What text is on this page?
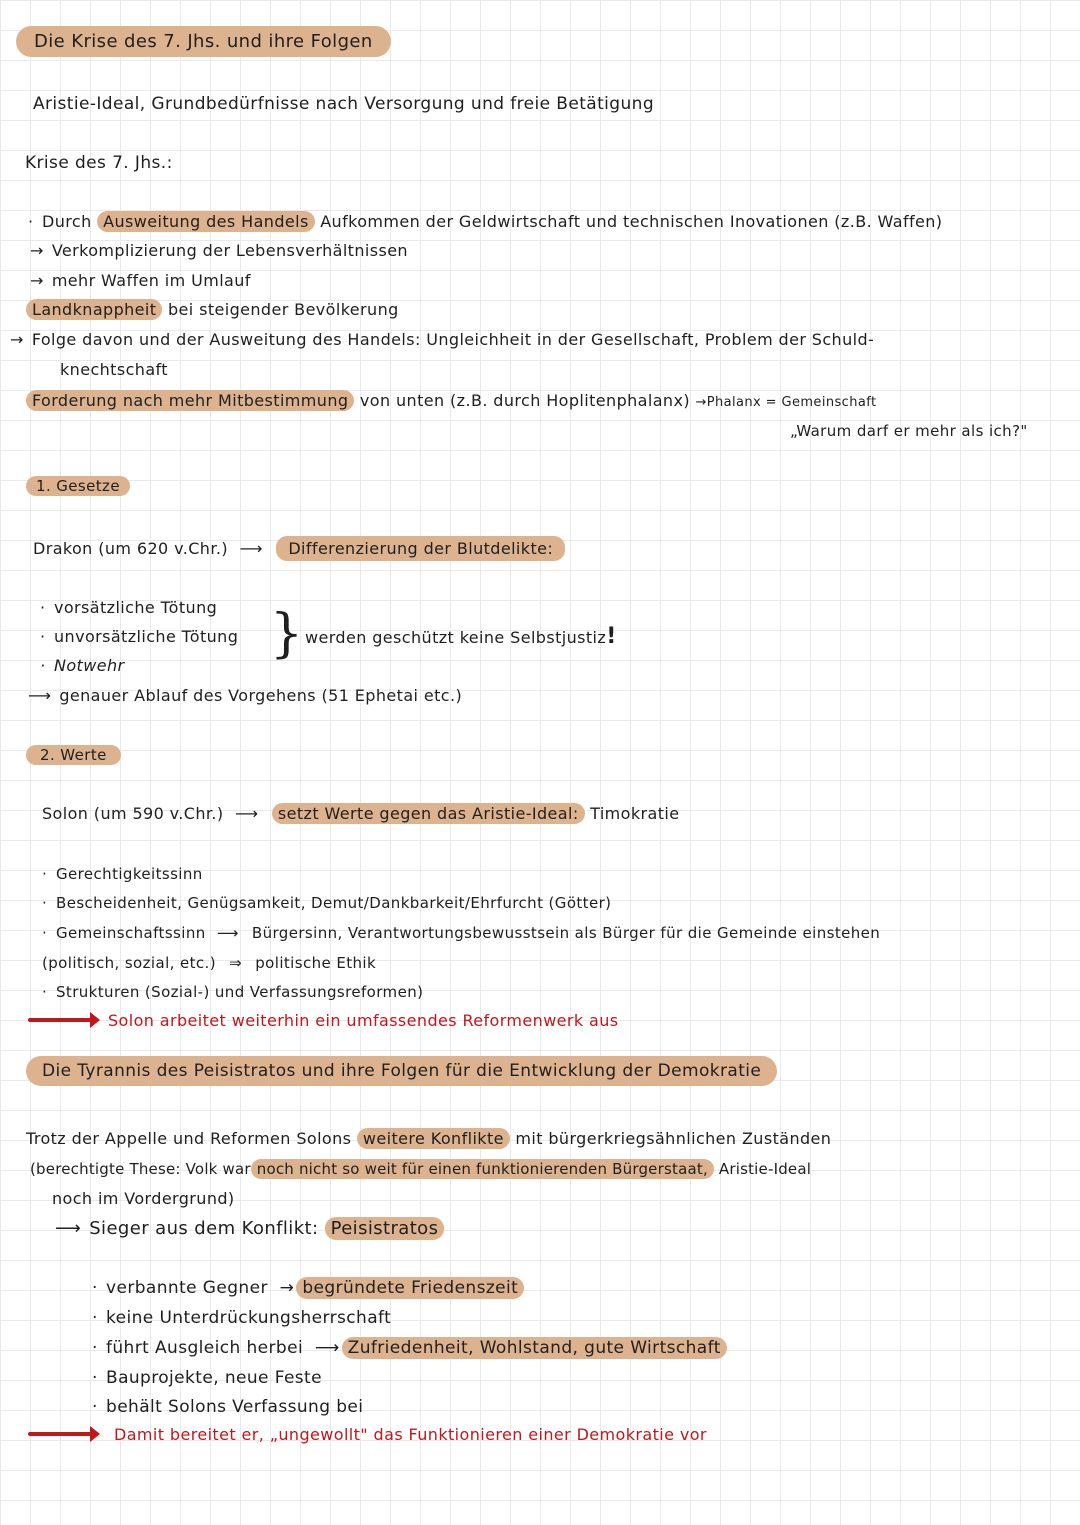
Die Krise des 7. Jhs. und ihre Folgen
Aristie-Ideal, Grundbedürfnisse nach Versorgung und freie Betätigung
Krise des 7. Jhs.:
· Durch Ausweitung des Handels Aufkommen der Geldwirtschaft und technischen Inovationen (z.B. Waffen)
→ Verkomplizierung der Lebensverhältnissen
→ mehr Waffen im Umlauf
Landknappheit bei steigender Bevölkerung
→ Folge davon und der Ausweitung des Handels: Ungleichheit in der Gesellschaft, Problem der Schuld-
knechtschaft
Forderung nach mehr Mitbestimmung von unten (z.B. durch Hoplitenphalanx) →Phalanx = Gemeinschaft
„Warum darf er mehr als ich?"
1. Gesetze
Drakon (um 620 v.Chr.) ⟶ Differenzierung der Blutdelikte:
· vorsätzliche Tötung
· unvorsätzliche Tötung
· Notwehr
} werden geschützt keine Selbstjustiz!
⟶ genauer Ablauf des Vorgehens (51 Ephetai etc.)
2. Werte
Solon (um 590 v.Chr.) ⟶ setzt Werte gegen das Aristie-Ideal: Timokratie
· Gerechtigkeitssinn
· Bescheidenheit, Genügsamkeit, Demut/Dankbarkeit/Ehrfurcht (Götter)
· Gemeinschaftssinn ⟶ Bürgersinn, Verantwortungsbewusstsein als Bürger für die Gemeinde einstehen
(politisch, sozial, etc.) ⇒ politische Ethik
· Strukturen (Sozial-) und Verfassungsreformen)
Solon arbeitet weiterhin ein umfassendes Reformenwerk aus
Die Tyrannis des Peisistratos und ihre Folgen für die Entwicklung der Demokratie
Trotz der Appelle und Reformen Solons weitere Konflikte mit bürgerkriegsähnlichen Zuständen
(berechtigte These: Volk war noch nicht so weit für einen funktionierenden Bürgerstaat, Aristie-Ideal
noch im Vordergrund)
⟶ Sieger aus dem Konflikt: Peisistratos
· verbannte Gegner → begründete Friedenszeit
· keine Unterdrückungsherrschaft
· führt Ausgleich herbei ⟶ Zufriedenheit, Wohlstand, gute Wirtschaft
· Bauprojekte, neue Feste
· behält Solons Verfassung bei
Damit bereitet er, „ungewollt" das Funktionieren einer Demokratie vor
